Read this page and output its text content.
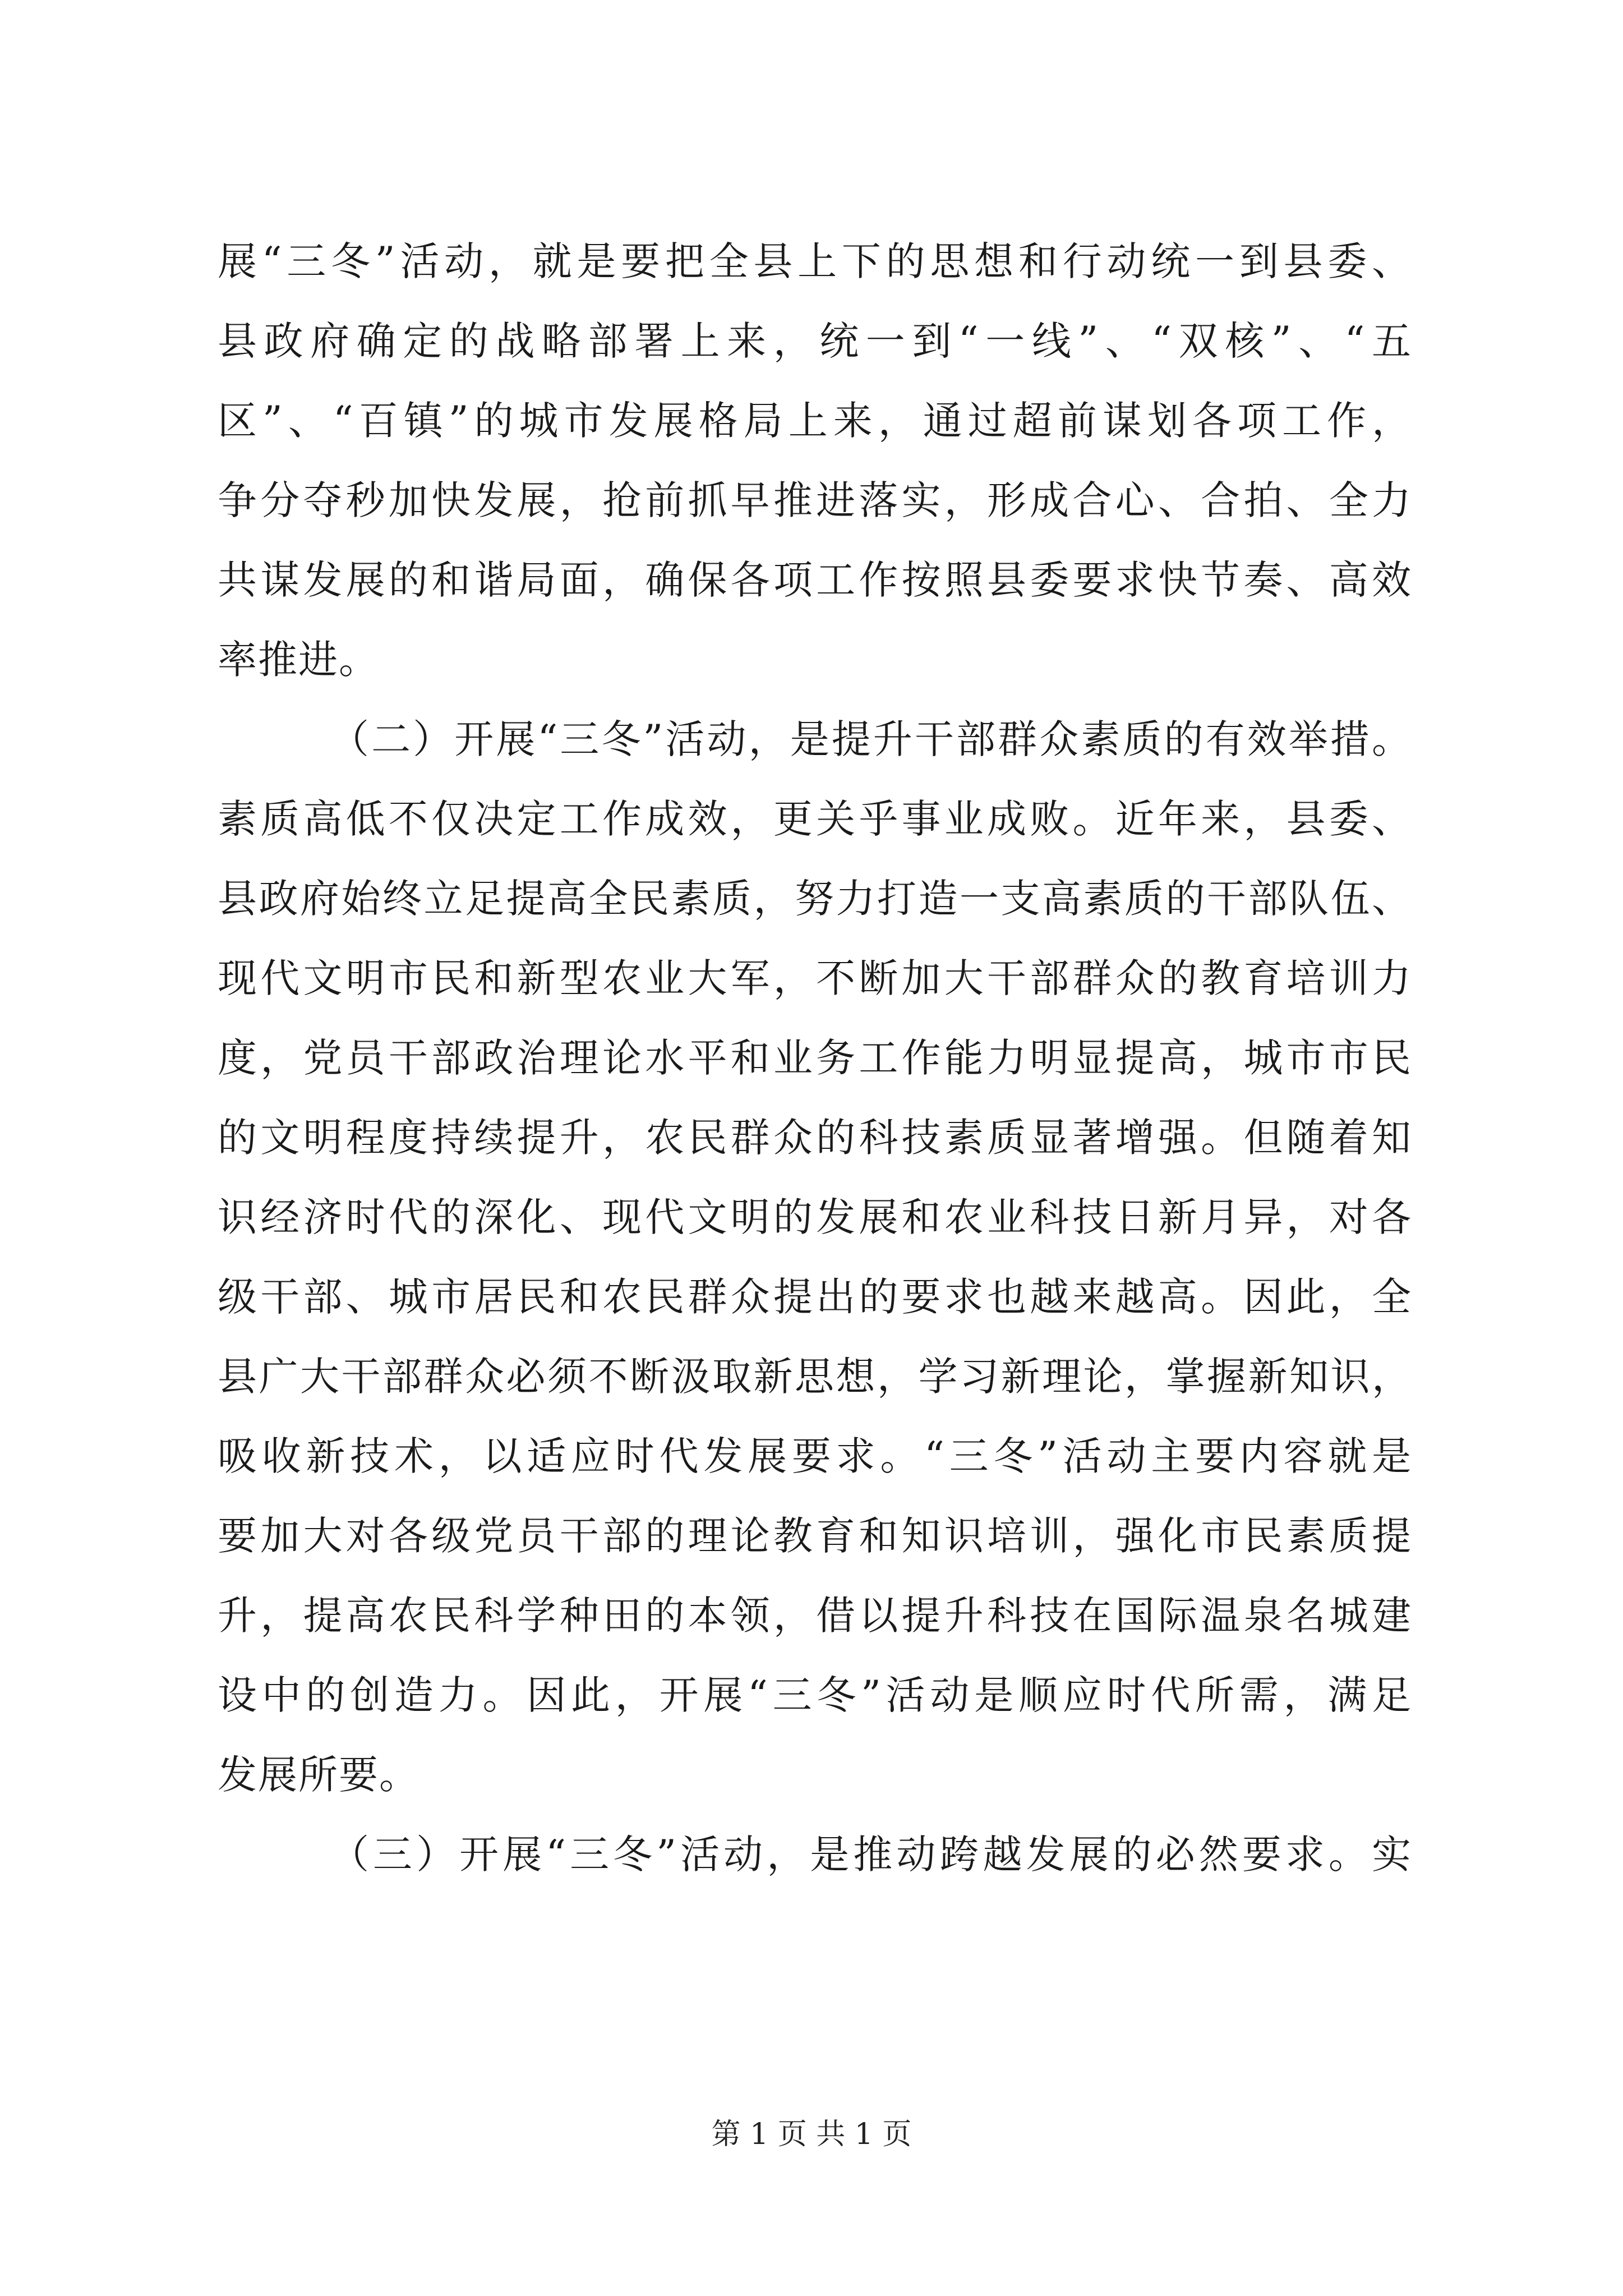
展“三冬”活动，就是要把全县上下的思想和行动统一到县委、
县政府确定的战略部署上来，统一到“一线”、“双核”、“五
区”、“百镇”的城市发展格局上来，通过超前谋划各项工作，
争分夺秒加快发展，抢前抓早推进落实，形成合心、合拍、全力
共谋发展的和谐局面，确保各项工作按照县委要求快节奏、高效
率推进。
（二）开展“三冬”活动，是提升干部群众素质的有效举措。
素质高低不仅决定工作成效，更关乎事业成败。近年来，县委、
县政府始终立足提高全民素质，努力打造一支高素质的干部队伍、
现代文明市民和新型农业大军，不断加大干部群众的教育培训力
度，党员干部政治理论水平和业务工作能力明显提高，城市市民
的文明程度持续提升，农民群众的科技素质显著增强。但随着知
识经济时代的深化、现代文明的发展和农业科技日新月异，对各
级干部、城市居民和农民群众提出的要求也越来越高。因此，全
县广大干部群众必须不断汲取新思想，学习新理论，掌握新知识，
吸收新技术，以适应时代发展要求。“三冬”活动主要内容就是
要加大对各级党员干部的理论教育和知识培训，强化市民素质提
升，提高农民科学种田的本领，借以提升科技在国际温泉名城建
设中的创造力。因此，开展“三冬”活动是顺应时代所需，满足
发展所要。
（三）开展“三冬”活动，是推动跨越发展的必然要求。实
第 1 页 共 1 页
